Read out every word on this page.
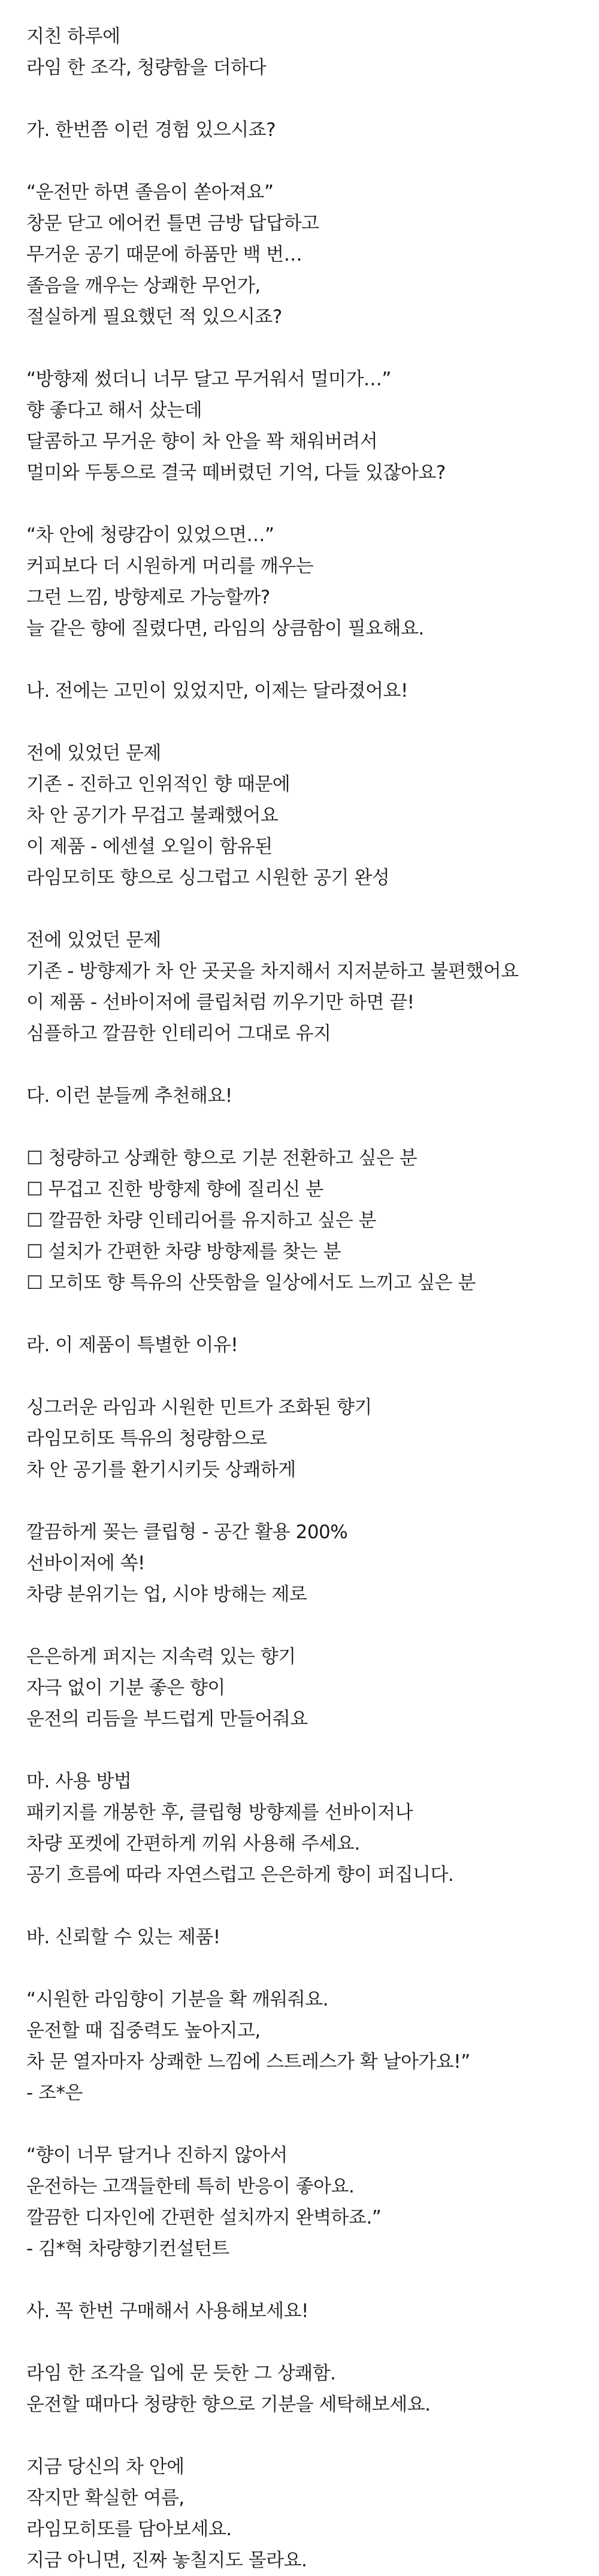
지친 하루에
라임 한 조각, 청량함을 더하다
가. 한번쯤 이런 경험 있으시죠?
“운전만 하면 졸음이 쏟아져요”
창문 닫고 에어컨 틀면 금방 답답하고
무거운 공기 때문에 하품만 백 번…
졸음을 깨우는 상쾌한 무언가,
절실하게 필요했던 적 있으시죠?
“방향제 썼더니 너무 달고 무거워서 멀미가…”
향 좋다고 해서 샀는데
달콤하고 무거운 향이 차 안을 꽉 채워버려서
멀미와 두통으로 결국 떼버렸던 기억, 다들 있잖아요?
“차 안에 청량감이 있었으면…”
커피보다 더 시원하게 머리를 깨우는
그런 느낌, 방향제로 가능할까?
늘 같은 향에 질렸다면, 라임의 상큼함이 필요해요.
나. 전에는 고민이 있었지만, 이제는 달라졌어요!
전에 있었던 문제
기존 - 진하고 인위적인 향 때문에
차 안 공기가 무겁고 불쾌했어요
이 제품 - 에센셜 오일이 함유된
라임모히또 향으로 싱그럽고 시원한 공기 완성
전에 있었던 문제
기존 - 방향제가 차 안 곳곳을 차지해서 지저분하고 불편했어요
이 제품 - 선바이저에 클립처럼 끼우기만 하면 끝!
심플하고 깔끔한 인테리어 그대로 유지
다. 이런 분들께 추천해요!
☐ 청량하고 상쾌한 향으로 기분 전환하고 싶은 분
☐ 무겁고 진한 방향제 향에 질리신 분
☐ 깔끔한 차량 인테리어를 유지하고 싶은 분
☐ 설치가 간편한 차량 방향제를 찾는 분
☐ 모히또 향 특유의 산뜻함을 일상에서도 느끼고 싶은 분
라. 이 제품이 특별한 이유!
싱그러운 라임과 시원한 민트가 조화된 향기
라임모히또 특유의 청량함으로
차 안 공기를 환기시키듯 상쾌하게
깔끔하게 꽂는 클립형 - 공간 활용 200%
선바이저에 쏙!
차량 분위기는 업, 시야 방해는 제로
은은하게 퍼지는 지속력 있는 향기
자극 없이 기분 좋은 향이
운전의 리듬을 부드럽게 만들어줘요
마. 사용 방법
패키지를 개봉한 후, 클립형 방향제를 선바이저나
차량 포켓에 간편하게 끼워 사용해 주세요.
공기 흐름에 따라 자연스럽고 은은하게 향이 퍼집니다.
바. 신뢰할 수 있는 제품!
“시원한 라임향이 기분을 확 깨워줘요.
운전할 때 집중력도 높아지고,
차 문 열자마자 상쾌한 느낌에 스트레스가 확 날아가요!”
- 조*은
“향이 너무 달거나 진하지 않아서
운전하는 고객들한테 특히 반응이 좋아요.
깔끔한 디자인에 간편한 설치까지 완벽하죠.”
- 김*혁 차량향기컨설턴트
사. 꼭 한번 구매해서 사용해보세요!
라임 한 조각을 입에 문 듯한 그 상쾌함.
운전할 때마다 청량한 향으로 기분을 세탁해보세요.
지금 당신의 차 안에
작지만 확실한 여름,
라임모히또를 담아보세요.
지금 아니면, 진짜 놓칠지도 몰라요.
